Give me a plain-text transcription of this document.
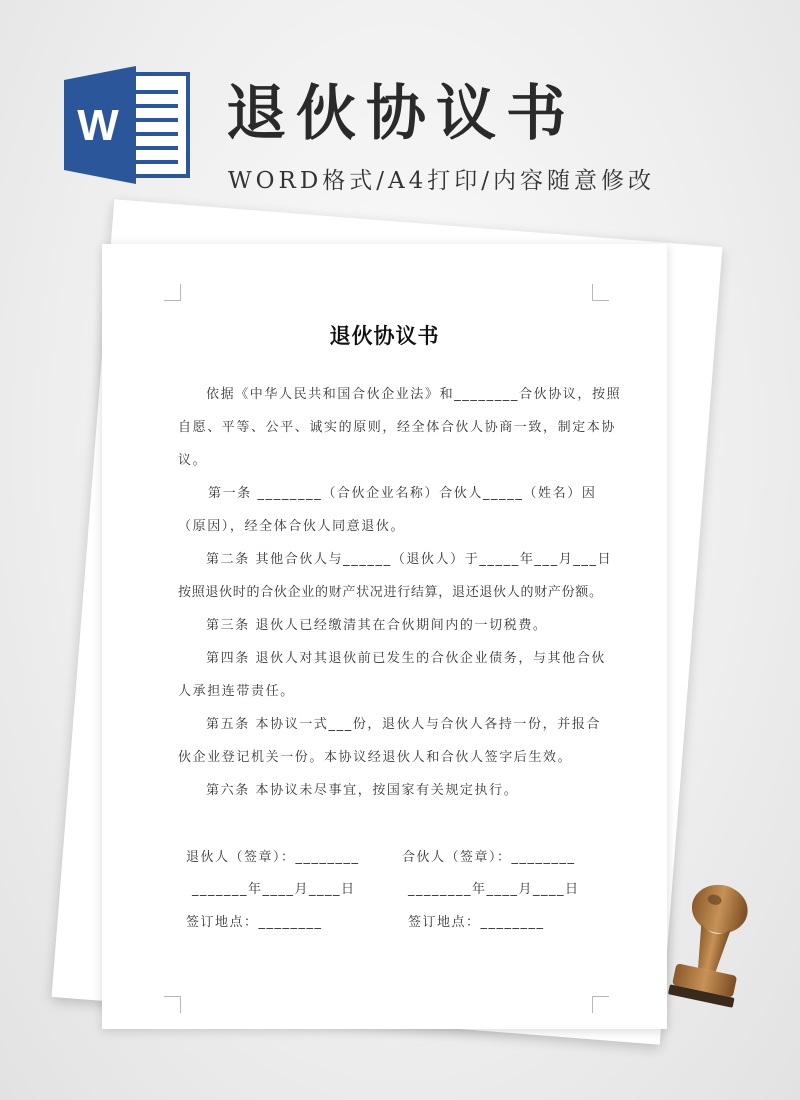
W 退伙协议书
WORD格式/A4打印/内容随意修改
退伙协议书
依据《中华人民共和国合伙企业法》和________合伙协议，按照
自愿、平等、公平、诚实的原则，经全体合伙人协商一致，制定本协
议。
第一条 ________（合伙企业名称）合伙人_____（姓名）因
（原因），经全体合伙人同意退伙。
第二条 其他合伙人与______（退伙人）于_____年___月___日
按照退伙时的合伙企业的财产状况进行结算，退还退伙人的财产份额。
第三条 退伙人已经缴清其在合伙期间内的一切税费。
第四条 退伙人对其退伙前已发生的合伙企业债务，与其他合伙
人承担连带责任。
第五条 本协议一式___份，退伙人与合伙人各持一份，并报合
伙企业登记机关一份。本协议经退伙人和合伙人签字后生效。
第六条 本协议未尽事宜，按国家有关规定执行。
退伙人（签章）：________	合伙人（签章）：________
_______年____月____日	________年____月____日
签订地点：________	签订地点：________
